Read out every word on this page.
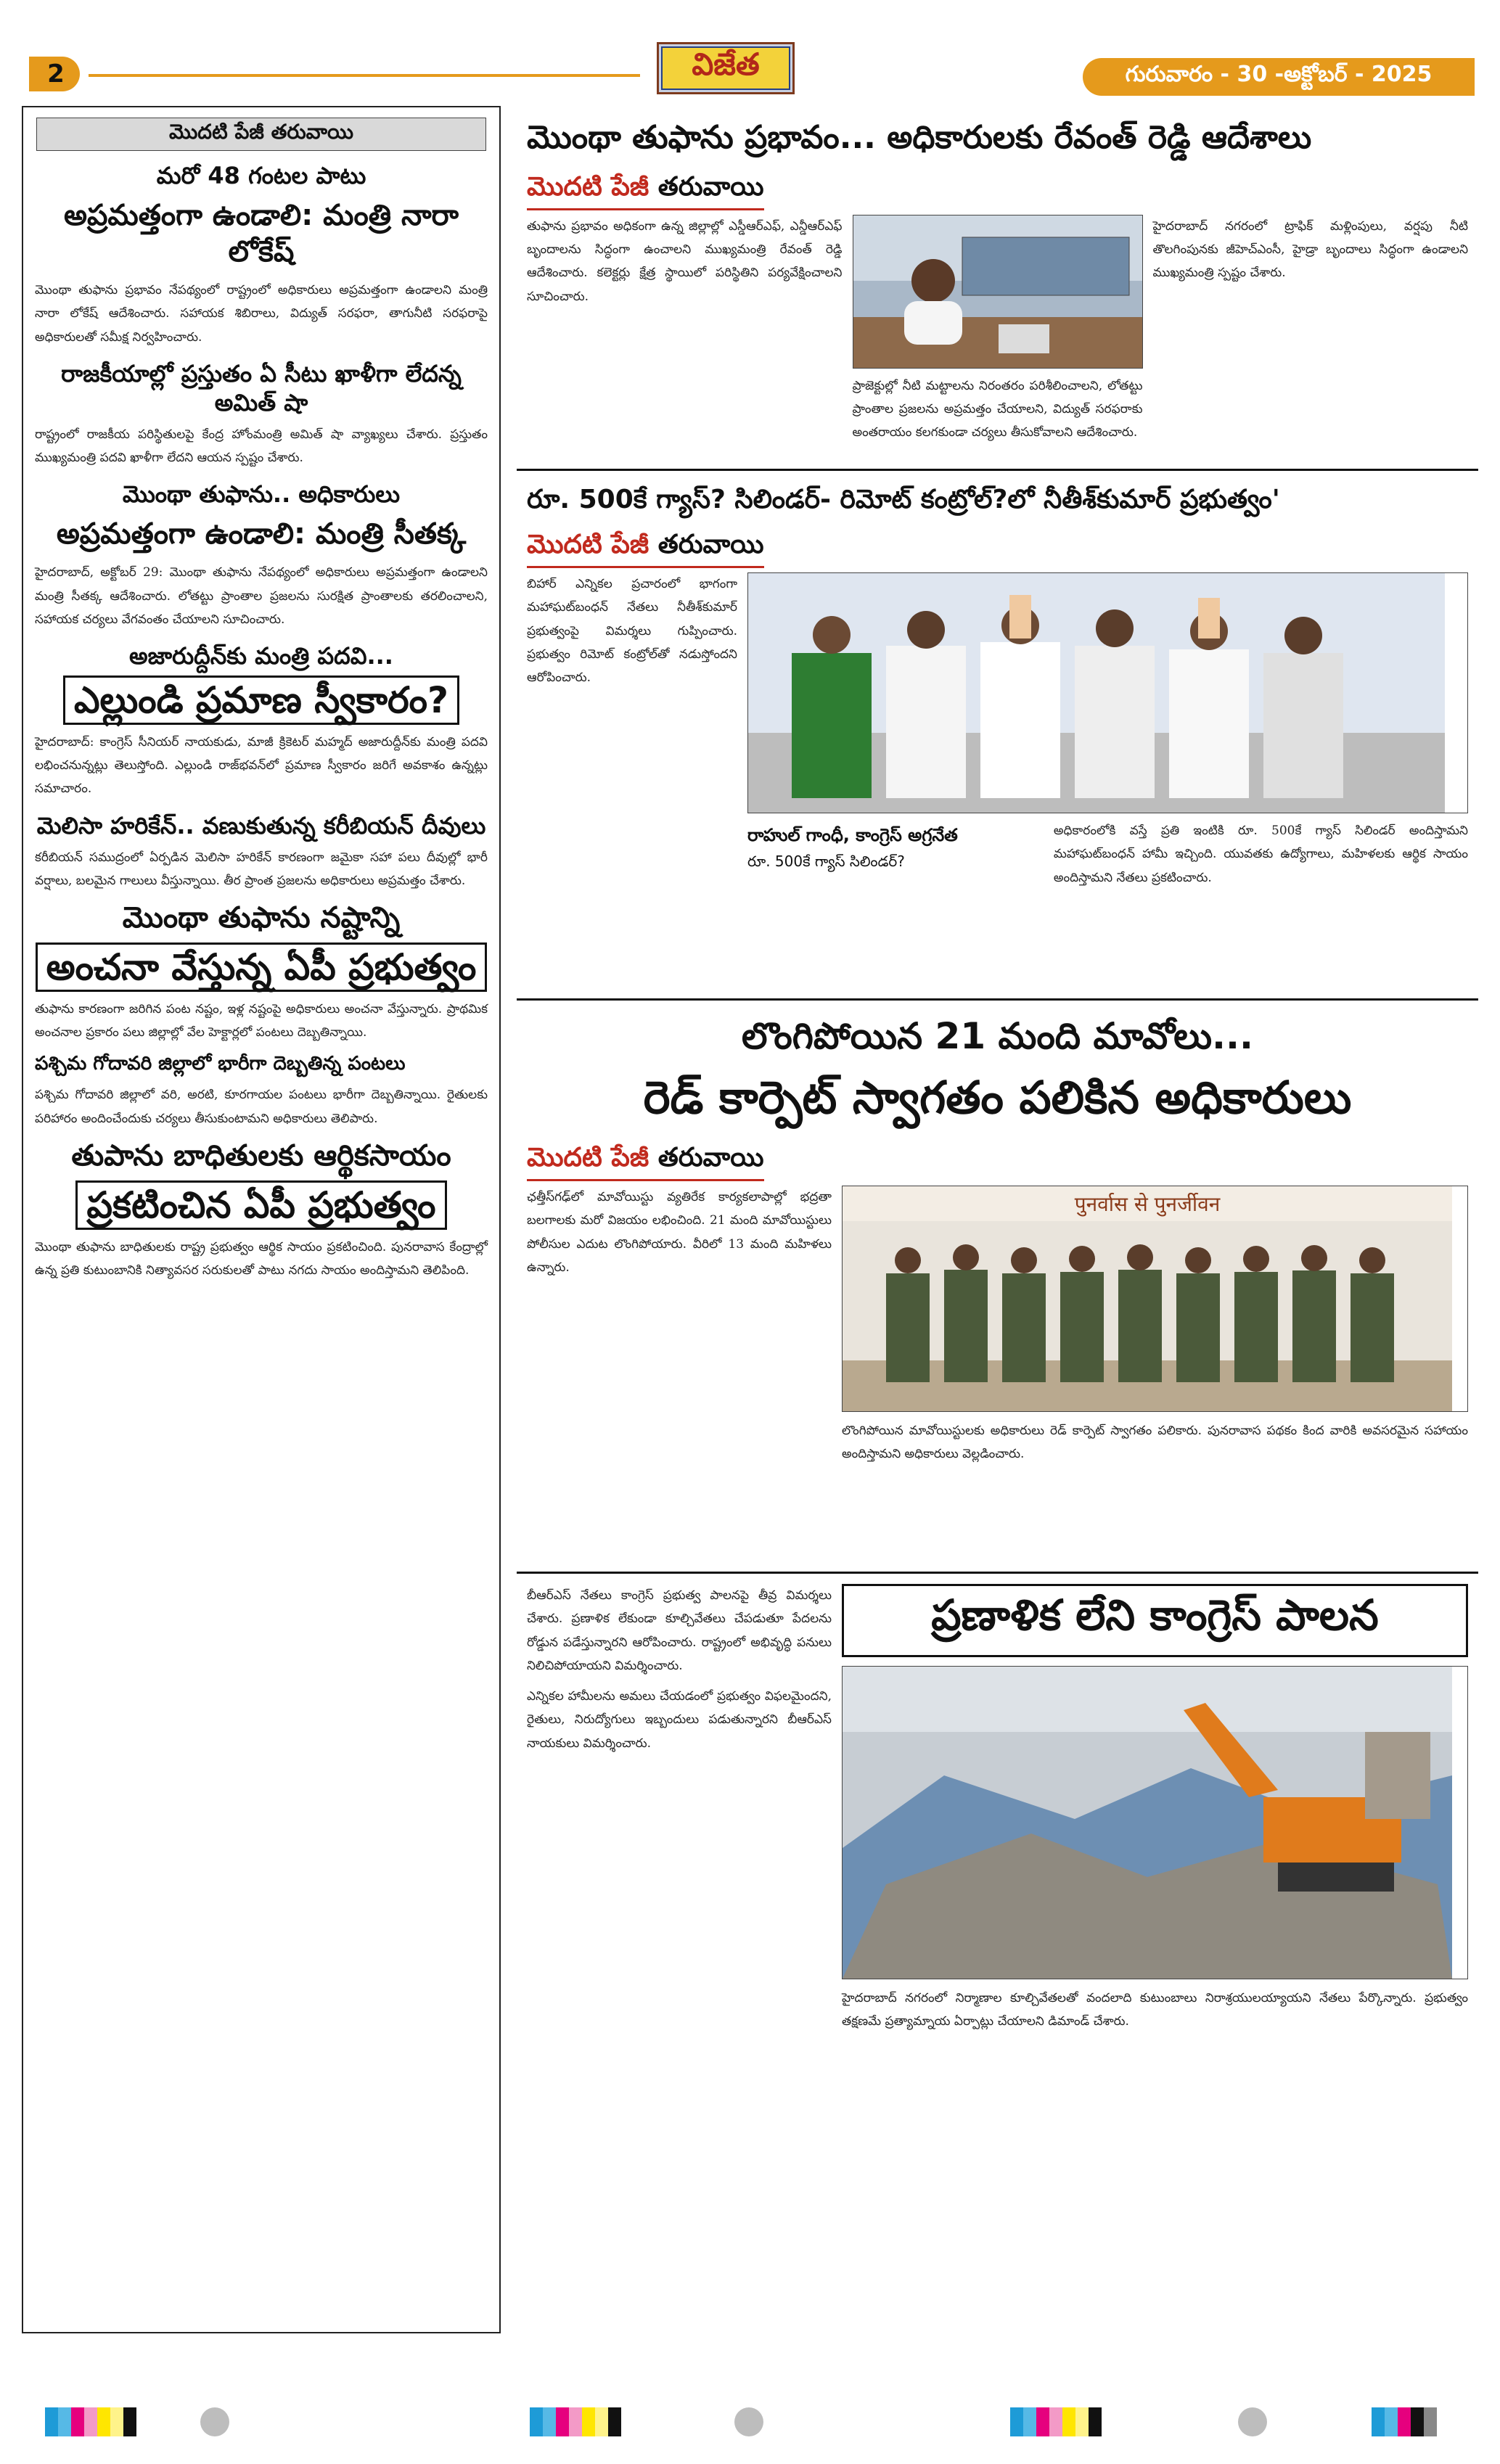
2	విజేత	గురువారం - 30 -అక్టోబర్ - 2025
మొదటి పేజీ తరువాయి
మరో 48 గంటల పాటు
అప్రమత్తంగా ఉండాలి: మంత్రి నారా లోకేష్

మొంథా తుఫాను ప్రభావం నేపథ్యంలో రాష్ట్రంలో అధికారులు అప్రమత్తంగా ఉండాలని మంత్రి నారా లోకేష్ ఆదేశించారు. సహాయక శిబిరాలు, విద్యుత్ సరఫరా, తాగునీటి సరఫరాపై అధికారులతో సమీక్ష నిర్వహించారు.

రాజకీయాల్లో ప్రస్తుతం ఏ సీటు ఖాళీగా లేదన్న అమిత్ షా

రాష్ట్రంలో రాజకీయ పరిస్థితులపై కేంద్ర హోంమంత్రి అమిత్ షా వ్యాఖ్యలు చేశారు. ప్రస్తుతం ముఖ్యమంత్రి పదవి ఖాళీగా లేదని ఆయన స్పష్టం చేశారు.

మొంథా తుఫాను.. అధికారులు
అప్రమత్తంగా ఉండాలి: మంత్రి సీతక్క

హైదరాబాద్, అక్టోబర్ 29: మొంథా తుఫాను నేపథ్యంలో అధికారులు అప్రమత్తంగా ఉండాలని మంత్రి సీతక్క ఆదేశించారు. లోతట్టు ప్రాంతాల ప్రజలను సురక్షిత ప్రాంతాలకు తరలించాలని, సహాయక చర్యలు వేగవంతం చేయాలని సూచించారు.

అజారుద్దీన్‌కు మంత్రి పదవి...
ఎల్లుండి ప్రమాణ స్వీకారం?

హైదరాబాద్: కాంగ్రెస్ సీనియర్ నాయకుడు, మాజీ క్రికెటర్ మహ్మద్ అజారుద్దీన్‌కు మంత్రి పదవి లభించనున్నట్లు తెలుస్తోంది. ఎల్లుండి రాజ్‌భవన్‌లో ప్రమాణ స్వీకారం జరిగే అవకాశం ఉన్నట్లు సమాచారం.

మెలిసా హరికేన్.. వణుకుతున్న కరీబియన్ దీవులు

కరీబియన్ సముద్రంలో ఏర్పడిన మెలిసా హరికేన్ కారణంగా జమైకా సహా పలు దీవుల్లో భారీ వర్షాలు, బలమైన గాలులు వీస్తున్నాయి. తీర ప్రాంత ప్రజలను అధికారులు అప్రమత్తం చేశారు.

మొంథా తుఫాను నష్టాన్ని
అంచనా వేస్తున్న ఏపీ ప్రభుత్వం

తుఫాను కారణంగా జరిగిన పంట నష్టం, ఇళ్ల నష్టంపై అధికారులు అంచనా వేస్తున్నారు. ప్రాథమిక అంచనాల ప్రకారం పలు జిల్లాల్లో వేల హెక్టార్లలో పంటలు దెబ్బతిన్నాయి.

పశ్చిమ గోదావరి జిల్లాలో భారీగా దెబ్బతిన్న పంటలు

పశ్చిమ గోదావరి జిల్లాలో వరి, అరటి, కూరగాయల పంటలు భారీగా దెబ్బతిన్నాయి. రైతులకు పరిహారం అందించేందుకు చర్యలు తీసుకుంటామని అధికారులు తెలిపారు.

తుపాను బాధితులకు ఆర్థికసాయం
ప్రకటించిన ఏపీ ప్రభుత్వం

మొంథా తుఫాను బాధితులకు రాష్ట్ర ప్రభుత్వం ఆర్థిక సాయం ప్రకటించింది. పునరావాస కేంద్రాల్లో ఉన్న ప్రతి కుటుంబానికి నిత్యావసర సరుకులతో పాటు నగదు సాయం అందిస్తామని తెలిపింది.

మొంథా తుఫాను ప్రభావం... అధికారులకు రేవంత్ రెడ్డి ఆదేశాలు
మొదటి పేజీ తరువాయి

తుఫాను ప్రభావం అధికంగా ఉన్న జిల్లాల్లో ఎస్డీఆర్ఎఫ్, ఎన్డీఆర్ఎఫ్ బృందాలను సిద్ధంగా ఉంచాలని ముఖ్యమంత్రి రేవంత్ రెడ్డి ఆదేశించారు. కలెక్టర్లు క్షేత్ర స్థాయిలో పరిస్థితిని పర్యవేక్షించాలని సూచించారు.

ప్రాజెక్టుల్లో నీటి మట్టాలను నిరంతరం పరిశీలించాలని, లోతట్టు ప్రాంతాల ప్రజలను అప్రమత్తం చేయాలని, విద్యుత్ సరఫరాకు అంతరాయం కలగకుండా చర్యలు తీసుకోవాలని ఆదేశించారు.

హైదరాబాద్ నగరంలో ట్రాఫిక్ మళ్లింపులు, వర్షపు నీటి తొలగింపునకు జీహెచ్ఎంసీ, హైడ్రా బృందాలు సిద్ధంగా ఉండాలని ముఖ్యమంత్రి స్పష్టం చేశారు.

రూ. 500కే గ్యాస్? సిలిండర్- రిమోట్ కంట్రోల్?లో నీతీశ్‌కుమార్ ప్రభుత్వం'
మొదటి పేజీ తరువాయి

బిహార్ ఎన్నికల ప్రచారంలో భాగంగా మహాఘట్‌బంధన్ నేతలు నీతీశ్‌కుమార్ ప్రభుత్వంపై విమర్శలు గుప్పించారు. ప్రభుత్వం రిమోట్ కంట్రోల్‌తో నడుస్తోందని ఆరోపించారు.

రాహుల్ గాంధీ, కాంగ్రెస్ అగ్రనేత
రూ. 500కే గ్యాస్ సిలిండర్?

అధికారంలోకి వస్తే ప్రతి ఇంటికి రూ. 500కే గ్యాస్ సిలిండర్ అందిస్తామని మహాఘట్‌బంధన్ హామీ ఇచ్చింది. యువతకు ఉద్యోగాలు, మహిళలకు ఆర్థిక సాయం అందిస్తామని నేతలు ప్రకటించారు.

లొంగిపోయిన 21 మంది మావోలు...
రెడ్ కార్పెట్ స్వాగతం పలికిన అధికారులు
మొదటి పేజీ తరువాయి

ఛత్తీస్‌గఢ్‌లో మావోయిస్టు వ్యతిరేక కార్యకలాపాల్లో భద్రతా బలగాలకు మరో విజయం లభించింది. 21 మంది మావోయిస్టులు పోలీసుల ఎదుట లొంగిపోయారు. వీరిలో 13 మంది మహిళలు ఉన్నారు.

पुनर्वास से पुनर्जीवन

లొంగిపోయిన మావోయిస్టులకు అధికారులు రెడ్ కార్పెట్ స్వాగతం పలికారు. పునరావాస పథకం కింద వారికి అవసరమైన సహాయం అందిస్తామని అధికారులు వెల్లడించారు.

బీఆర్ఎస్ నేతలు కాంగ్రెస్ ప్రభుత్వ పాలనపై తీవ్ర విమర్శలు చేశారు. ప్రణాళిక లేకుండా కూల్చివేతలు చేపడుతూ పేదలను రోడ్డున పడేస్తున్నారని ఆరోపించారు. రాష్ట్రంలో అభివృద్ధి పనులు నిలిచిపోయాయని విమర్శించారు.

ఎన్నికల హామీలను అమలు చేయడంలో ప్రభుత్వం విఫలమైందని, రైతులు, నిరుద్యోగులు ఇబ్బందులు పడుతున్నారని బీఆర్ఎస్ నాయకులు విమర్శించారు.

ప్రణాళిక లేని కాంగ్రెస్ పాలన

హైదరాబాద్ నగరంలో నిర్మాణాల కూల్చివేతలతో వందలాది కుటుంబాలు నిరాశ్రయులయ్యాయని నేతలు పేర్కొన్నారు. ప్రభుత్వం తక్షణమే ప్రత్యామ్నాయ ఏర్పాట్లు చేయాలని డిమాండ్ చేశారు.
